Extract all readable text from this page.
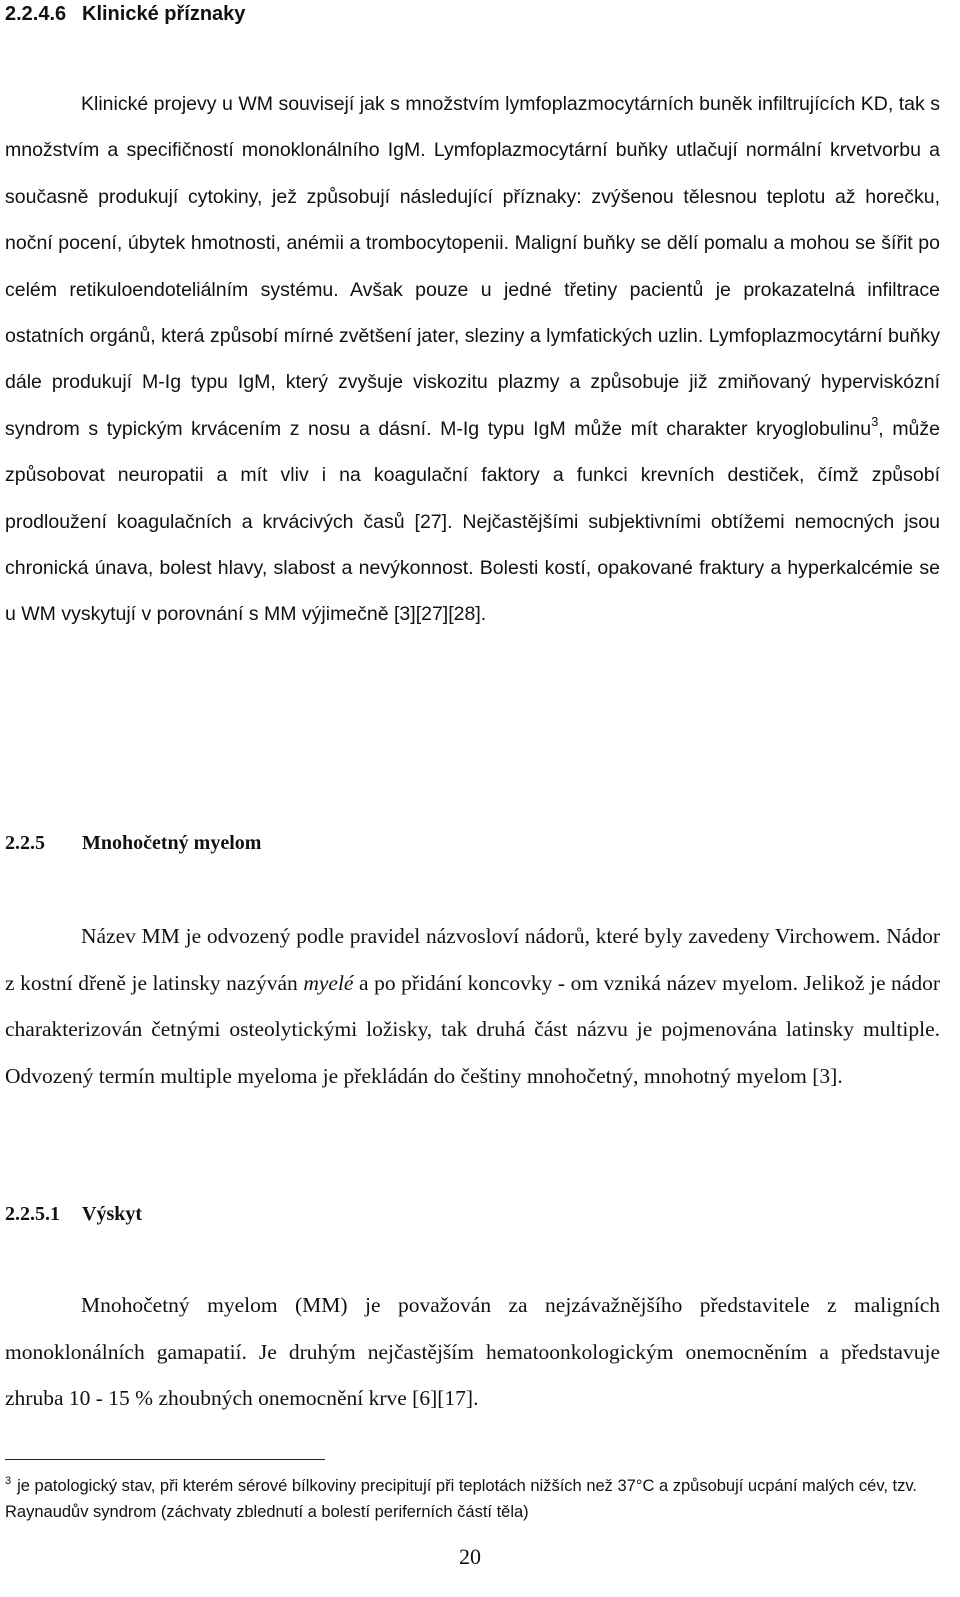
2.2.4.6 Klinické příznaky

Klinické projevy u WM souvisejí jak s množstvím lymfoplazmocytárních buněk infiltrujících KD, tak s množstvím a specifičností monoklonálního IgM. Lymfoplazmocytární buňky utlačují normální krvetvorbu a současně produkují cytokiny, jež způsobují následující příznaky: zvýšenou tělesnou teplotu až horečku, noční pocení, úbytek hmotnosti, anémii a trombocytopenii. Maligní buňky se dělí pomalu a mohou se šířit po celém retikuloendoteliálním systému. Avšak pouze u jedné třetiny pacientů je prokazatelná infiltrace ostatních orgánů, která způsobí mírné zvětšení jater, sleziny a lymfatických uzlin. Lymfoplazmocytární buňky dále produkují M-Ig typu IgM, který zvyšuje viskozitu plazmy a způsobuje již zmiňovaný hyperviskózní syndrom s typickým krvácením z nosu a dásní. M-Ig typu IgM může mít charakter kryoglobulinu$^3$, může způsobovat neuropatii a mít vliv i na koagulační faktory a funkci krevních destiček, čímž způsobí prodloužení koagulačních a krvácivých časů [27]. Nejčastějšími subjektivními obtížemi nemocných jsou chronická únava, bolest hlavy, slabost a nevýkonnost. Bolesti kostí, opakované fraktury a hyperkalcémie se u WM vyskytují v porovnání s MM výjimečně [3][27][28].

2.2.5 Mnohočetný myelom

Název MM je odvozený podle pravidel názvosloví nádorů, které byly zavedeny Virchowem. Nádor z kostní dřeně je latinsky nazýván myelé a po přidání koncovky - om vzniká název myelom. Jelikož je nádor charakterizován četnými osteolytickými ložisky, tak druhá část názvu je pojmenována latinsky multiple. Odvozený termín multiple myeloma je překládán do češtiny mnohočetný, mnohotný myelom [3].

2.2.5.1 Výskyt

Mnohočetný myelom (MM) je považován za nejzávažnějšího představitele z maligních monoklonálních gamapatií. Je druhým nejčastějším hematoonkologickým onemocněním a představuje zhruba 10 - 15 % zhoubných onemocnění krve [6][17].

$^3$ je patologický stav, při kterém sérové bílkoviny precipitují při teplotách nižších než 37°C a způsobují ucpání malých cév, tzv. Raynaudův syndrom (záchvaty zblednutí a bolestí periferních částí těla)

20
